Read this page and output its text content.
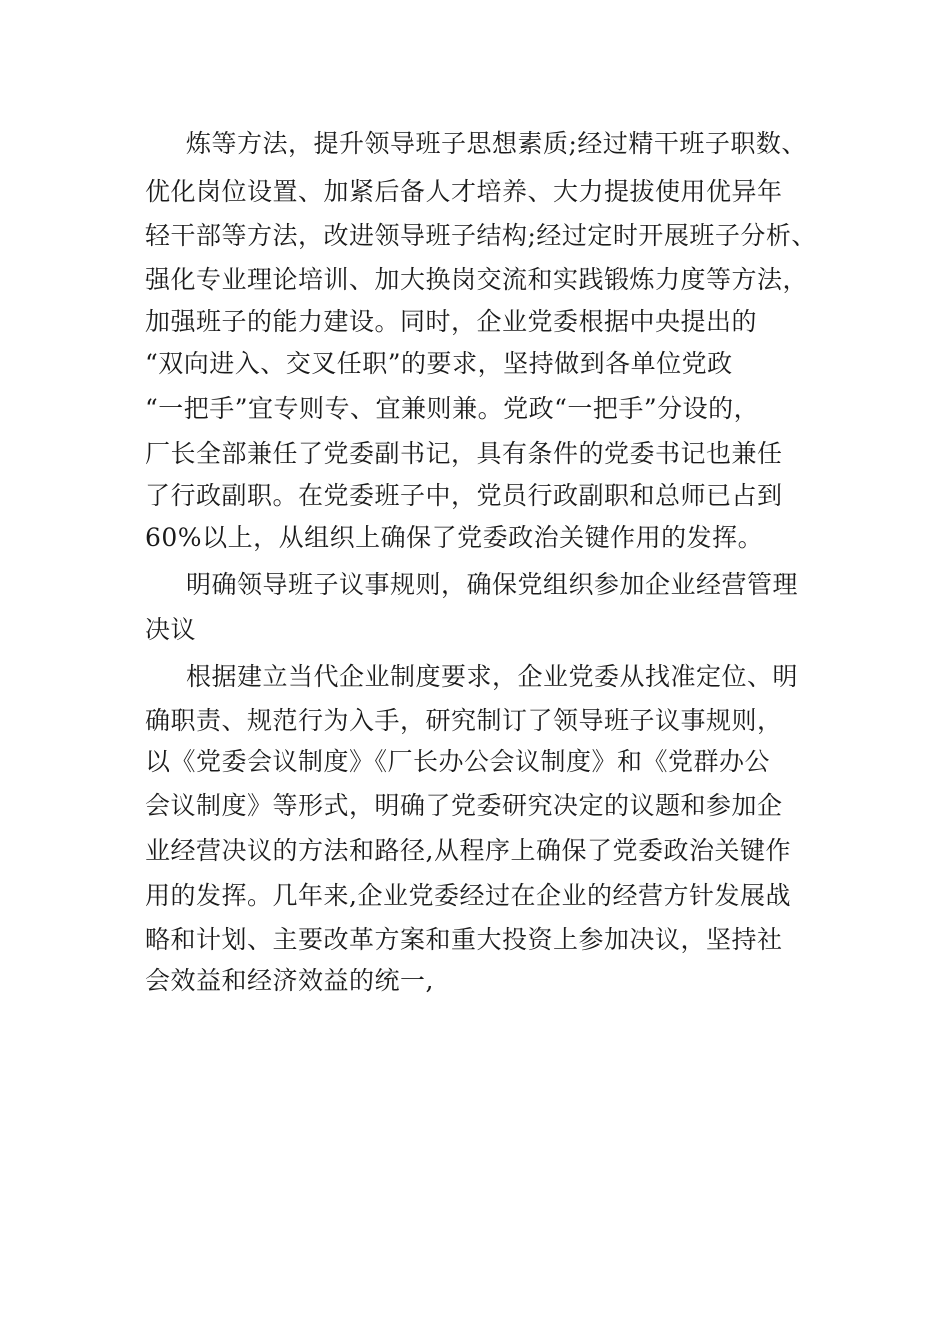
炼等方法，提升领导班子思想素质;经过精干班子职数、
优化岗位设置、加紧后备人才培养、大力提拔使用优异年
轻干部等方法，改进领导班子结构;经过定时开展班子分析、
强化专业理论培训、加大换岗交流和实践锻炼力度等方法，
加强班子的能力建设。同时，企业党委根据中央提出的
“双向进入、交叉任职”的要求，坚持做到各单位党政
“一把手”宜专则专、宜兼则兼。党政“一把手”分设的，
厂长全部兼任了党委副书记，具有条件的党委书记也兼任
了行政副职。在党委班子中，党员行政副职和总师已占到
60%以上，从组织上确保了党委政治关键作用的发挥。
明确领导班子议事规则，确保党组织参加企业经营管理
决议
根据建立当代企业制度要求，企业党委从找准定位、明
确职责、规范行为入手，研究制订了领导班子议事规则，
以《党委会议制度》《厂长办公会议制度》和《党群办公
会议制度》等形式，明确了党委研究决定的议题和参加企
业经营决议的方法和路径,从程序上确保了党委政治关键作
用的发挥。几年来,企业党委经过在企业的经营方针发展战
略和计划、主要改革方案和重大投资上参加决议，坚持社
会效益和经济效益的统一,
